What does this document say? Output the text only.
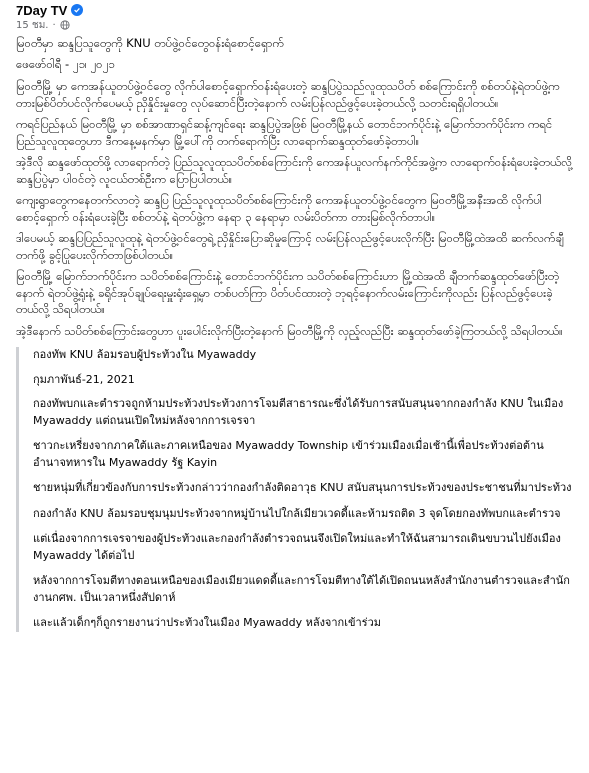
7Day TV
15 ชม. ·

မြဝတီမှာ ဆန္ဒပြသူတွေကို KNU တပ်ဖွဲ့ဝင်တွေဝန်းရံစောင့်ရှောက်

ဖေဖော်ဝါရီ - ၂၁၊ ၂၀၂၁

မြဝတီမြို့ မှာ ကေအန်ယူတပ်ဖွဲ့ဝင်တွေ လိုက်ပါစောင့်ရှောက်ဝန်းရံပေးတဲ့ ဆန္ဒပြပွဲသည်လူထုသပိတ် စစ်ကြောင်းကို စစ်တပ်နဲ့ရဲတပ်ဖွဲ့က တားမြစ်ပိတ်ပင်လိုက်ပေမယ့် ညှိနှိုင်းမှုတွေ လုပ်ဆောင်ပြီးတဲ့နောက် လမ်းပြန်လည်ဖွင့်ပေးခဲ့တယ်လို့ သတင်းရရှိပါတယ်။

ကရင်ပြည်နယ် မြဝတီမြို့ မှာ စစ်အာဏာရှင်ဆန့်ကျင်ရေး ဆန္ဒပြပွဲအဖြစ် မြဝတီမြို့နယ် တောင်ဘက်ပိုင်းနဲ့ မြောက်ဘက်ပိုင်းက ကရင်ပြည်သူလူထုတွေဟာ ဒီကနေ့မနက်မှာ မြို့ပေါ်ကို တက်ရောက်ပြီး လာရောက်ဆန္ဒထုတ်ဖော်ခဲ့တာပါ။

အဲ့ဒီလို ဆန္ဒဖော်ထုတ်ဖို့ လာရောက်တဲ့ ပြည်သူလူထုသပိတ်စစ်ကြောင်းကို ကေအန်ယူလက်နက်ကိုင်အဖွဲ့က လာရောက်ဝန်းရံပေးခဲ့တယ်လို့ ဆန္ဒပြပွဲမှာ ပါဝင်တဲ့ လူငယ်တစ်ဦးက ပြောပြပါတယ်။

ကျေးရွာတွေကနေတက်လာတဲ့ ဆန္ဒပြ ပြည်သူလူထုသပိတ်စစ်ကြောင်းကို ကေအန်ယူတပ်ဖွဲ့ဝင်တွေက မြဝတီမြို့အနီးအထိ လိုက်ပါစောင့်ရှောက် ဝန်းရံပေးခဲ့ပြီး စစ်တပ်နဲ့ ရဲတပ်ဖွဲ့က နေရာ ၃ နေရာမှာ လမ်းပိတ်ကာ တားမြစ်လိုက်တာပါ။

ဒါပေမယ့် ဆန္ဒပြပြည်သူလူထုနဲ့ ရဲတပ်ဖွဲ့ဝင်တွေရဲ့ ညှိနှိုင်းပြောဆိုမှုကြောင့် လမ်းပြန်လည်ဖွင့်ပေးလိုက်ပြီး မြဝတီမြို့ထဲအထိ ဆက်လက်ချီတက်ဖို့ ခွင့်ပြုပေးလိုက်တာဖြစ်ပါတယ်။

မြဝတီမြို့ မြောက်ဘက်ပိုင်းက သပိတ်စစ်ကြောင်းနဲ့ တောင်ဘက်ပိုင်းက သပိတ်စစ်ကြောင်းဟာ မြို့ထဲအထိ ချီတက်ဆန္ဒထုတ်ဖော်ပြီးတဲ့နောက် ရဲတပ်ဖွဲ့ရုံးနဲ့ ခရိုင်အုပ်ချုပ်ရေးမှူးရုံးရှေ့မှာ တစ်ပတ်ကြာ ပိတ်ပင်ထားတဲ့ ဘုရင့်နောက်လမ်းကြောင်းကိုလည်း ပြန်လည်ဖွင့်ပေးခဲ့တယ်လို့ သိရပါတယ်။

အဲ့ဒီနောက် သပိတ်စစ်ကြောင်းတွေဟာ ပူးပေါင်းလိုက်ပြီးတဲ့နောက် မြဝတီမြို့ကို လှည့်လည်ပြီး ဆန္ဒထုတ်ဖော်ခဲ့ကြတယ်လို့ သိရပါတယ်။

กองทัพ KNU ล้อมรอบผู้ประท้วงใน Myawaddy

กุมภาพันธ์-21, 2021

กองทัพบกและตำรวจถูกห้ามประท้วงประท้วงการโจมตีสาธารณะซึ่งได้รับการสนับสนุนจากกองกำลัง KNU ในเมือง Myawaddy แต่ถนนเปิดใหม่หลังจากการเจรจา

ชาวกะเหรี่ยงจากภาคใต้และภาคเหนือของ Myawaddy Township เข้าร่วมเมืองเมื่อเช้านี้เพื่อประท้วงต่อต้านอำนาจทหารใน Myawaddy รัฐ Kayin

ชายหนุ่มที่เกี่ยวข้องกับการประท้วงกล่าวว่ากองกำลังติดอาวุธ KNU สนับสนุนการประท้วงของประชาชนที่มาประท้วง

กองกำลัง KNU ล้อมรอบชุมนุมประท้วงจากหมู่บ้านไปใกล้เมียวเวดดี้และห้ามรถติด 3 จุดโดยกองทัพบกและตำรวจ

แต่เนื่องจากการเจรจาของผู้ประท้วงและกองกำลังตำรวจถนนจึงเปิดใหม่และทำให้ฉันสามารถเดินขบวนไปยังเมือง Myawaddy ได้ต่อไป

หลังจากการโจมตีทางตอนเหนือของเมืองเมียวแดดดี้และการโจมตีทางใต้ได้เปิดถนนหลังสำนักงานตำรวจและสำนักงานกศพ. เป็นเวลาหนึ่งสัปดาห์

และแล้วเด็กๆก็ถูกรายงานว่าประท้วงในเมือง Myawaddy หลังจากเข้าร่วม
